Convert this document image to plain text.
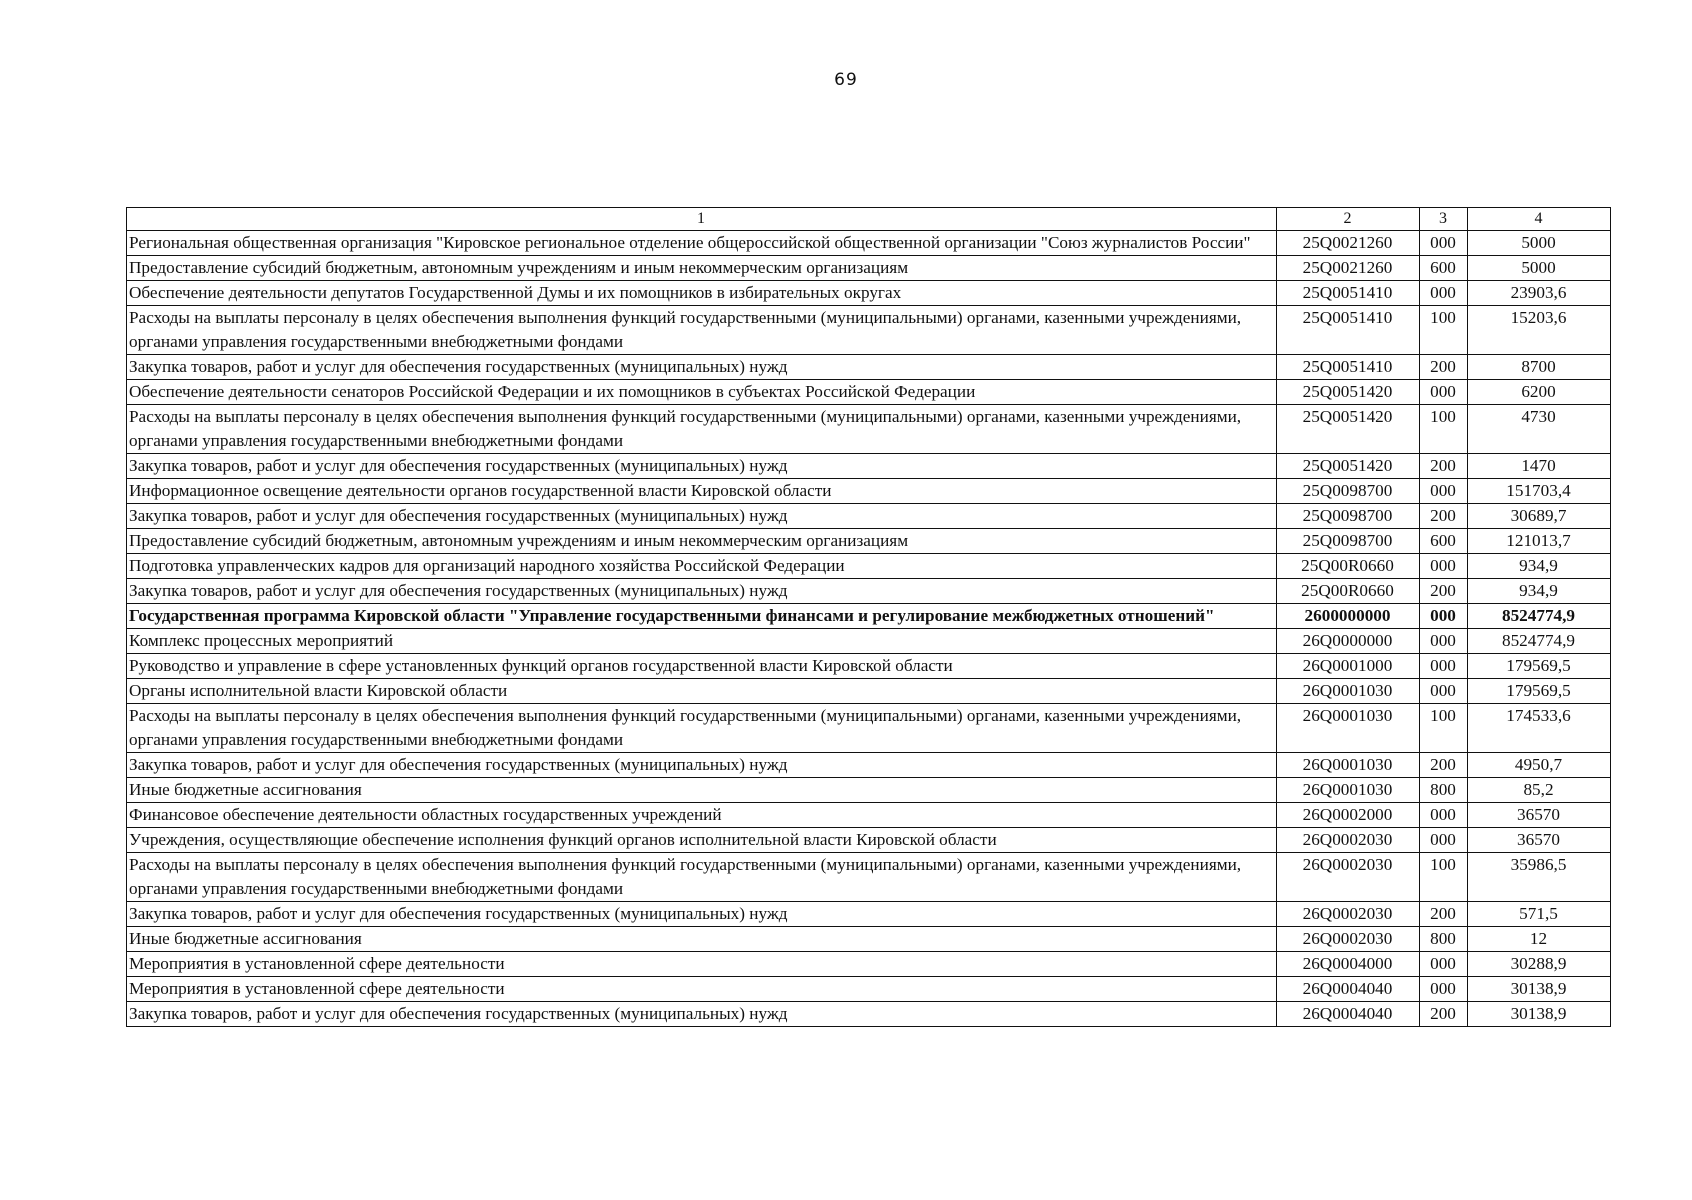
69
1	2	3	4
Региональная общественная организация "Кировское региональное отделение общероссийской общественной организации "Союз журналистов России"	25Q0021260	000	5000
Предоставление субсидий бюджетным, автономным учреждениям и иным некоммерческим организациям	25Q0021260	600	5000
Обеспечение деятельности депутатов Государственной Думы и их помощников в избирательных округах	25Q0051410	000	23903,6
Расходы на выплаты персоналу в целях обеспечения выполнения функций государственными (муниципальными) органами, казенными учреждениями, органами управления государственными внебюджетными фондами	25Q0051410	100	15203,6
Закупка товаров, работ и услуг для обеспечения государственных (муниципальных) нужд	25Q0051410	200	8700
Обеспечение деятельности сенаторов Российской Федерации и их помощников в субъектах Российской Федерации	25Q0051420	000	6200
Расходы на выплаты персоналу в целях обеспечения выполнения функций государственными (муниципальными) органами, казенными учреждениями, органами управления государственными внебюджетными фондами	25Q0051420	100	4730
Закупка товаров, работ и услуг для обеспечения государственных (муниципальных) нужд	25Q0051420	200	1470
Информационное освещение деятельности органов государственной власти Кировской области	25Q0098700	000	151703,4
Закупка товаров, работ и услуг для обеспечения государственных (муниципальных) нужд	25Q0098700	200	30689,7
Предоставление субсидий бюджетным, автономным учреждениям и иным некоммерческим организациям	25Q0098700	600	121013,7
Подготовка управленческих кадров для организаций народного хозяйства Российской Федерации	25Q00R0660	000	934,9
Закупка товаров, работ и услуг для обеспечения государственных (муниципальных) нужд	25Q00R0660	200	934,9
Государственная программа Кировской области "Управление государственными финансами и регулирование межбюджетных отношений"	2600000000	000	8524774,9
Комплекс процессных мероприятий	26Q0000000	000	8524774,9
Руководство и управление в сфере установленных функций органов государственной власти Кировской области	26Q0001000	000	179569,5
Органы исполнительной власти Кировской области	26Q0001030	000	179569,5
Расходы на выплаты персоналу в целях обеспечения выполнения функций государственными (муниципальными) органами, казенными учреждениями, органами управления государственными внебюджетными фондами	26Q0001030	100	174533,6
Закупка товаров, работ и услуг для обеспечения государственных (муниципальных) нужд	26Q0001030	200	4950,7
Иные бюджетные ассигнования	26Q0001030	800	85,2
Финансовое обеспечение деятельности областных государственных учреждений	26Q0002000	000	36570
Учреждения, осуществляющие обеспечение исполнения функций органов исполнительной власти Кировской области	26Q0002030	000	36570
Расходы на выплаты персоналу в целях обеспечения выполнения функций государственными (муниципальными) органами, казенными учреждениями, органами управления государственными внебюджетными фондами	26Q0002030	100	35986,5
Закупка товаров, работ и услуг для обеспечения государственных (муниципальных) нужд	26Q0002030	200	571,5
Иные бюджетные ассигнования	26Q0002030	800	12
Мероприятия в установленной сфере деятельности	26Q0004000	000	30288,9
Мероприятия в установленной сфере деятельности	26Q0004040	000	30138,9
Закупка товаров, работ и услуг для обеспечения государственных (муниципальных) нужд	26Q0004040	200	30138,9
